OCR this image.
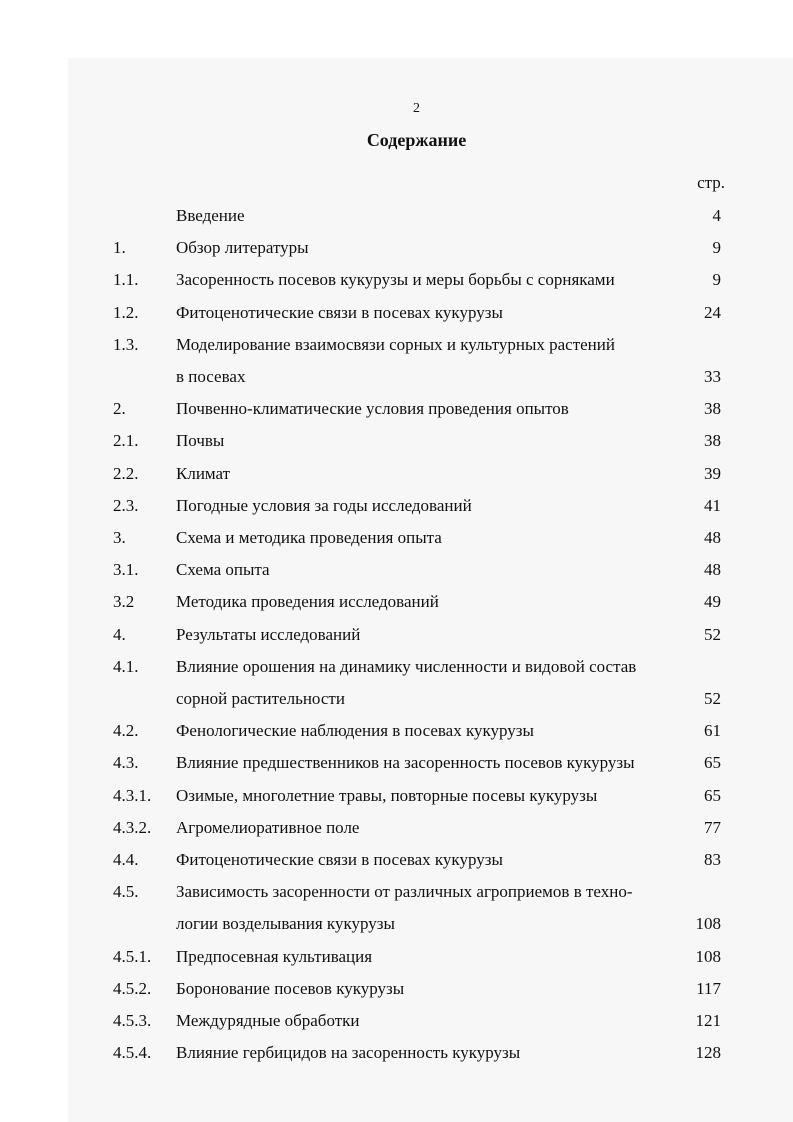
2
Содержание
стр.
Введение	4
1.	Обзор литературы	9
1.1. Засоренность посевов кукурузы и меры борьбы с сорняками	9
1.2. Фитоценотические связи в посевах кукурузы	24
1.3. Моделирование взаимосвязи сорных и культурных растений
в посевах	33
2.	Почвенно-климатические условия проведения опытов	38
2.1. Почвы	38
2.2. Климат	39
2.3. Погодные условия за годы исследований	41
3.	Схема и методика проведения опыта	48
3.1. Схема опыта	48
3.2 Методика проведения исследований	49
4.	Результаты исследований	52
4.1. Влияние орошения на динамику численности и видовой состав
сорной растительности	52
4.2. Фенологические наблюдения в посевах кукурузы	61
4.3. Влияние предшественников на засоренность посевов кукурузы	65
4.3.1. Озимые, многолетние травы, повторные посевы кукурузы	65
4.3.2. Агромелиоративное поле	77
4.4. Фитоценотические связи в посевах кукурузы	83
4.5. Зависимость засоренности от различных агроприемов в техно-
логии возделывания кукурузы	108
4.5.1. Предпосевная культивация	108
4.5.2. Боронование посевов кукурузы	117
4.5.3. Междурядные обработки	121
4.5.4. Влияние гербицидов на засоренность кукурузы	128
